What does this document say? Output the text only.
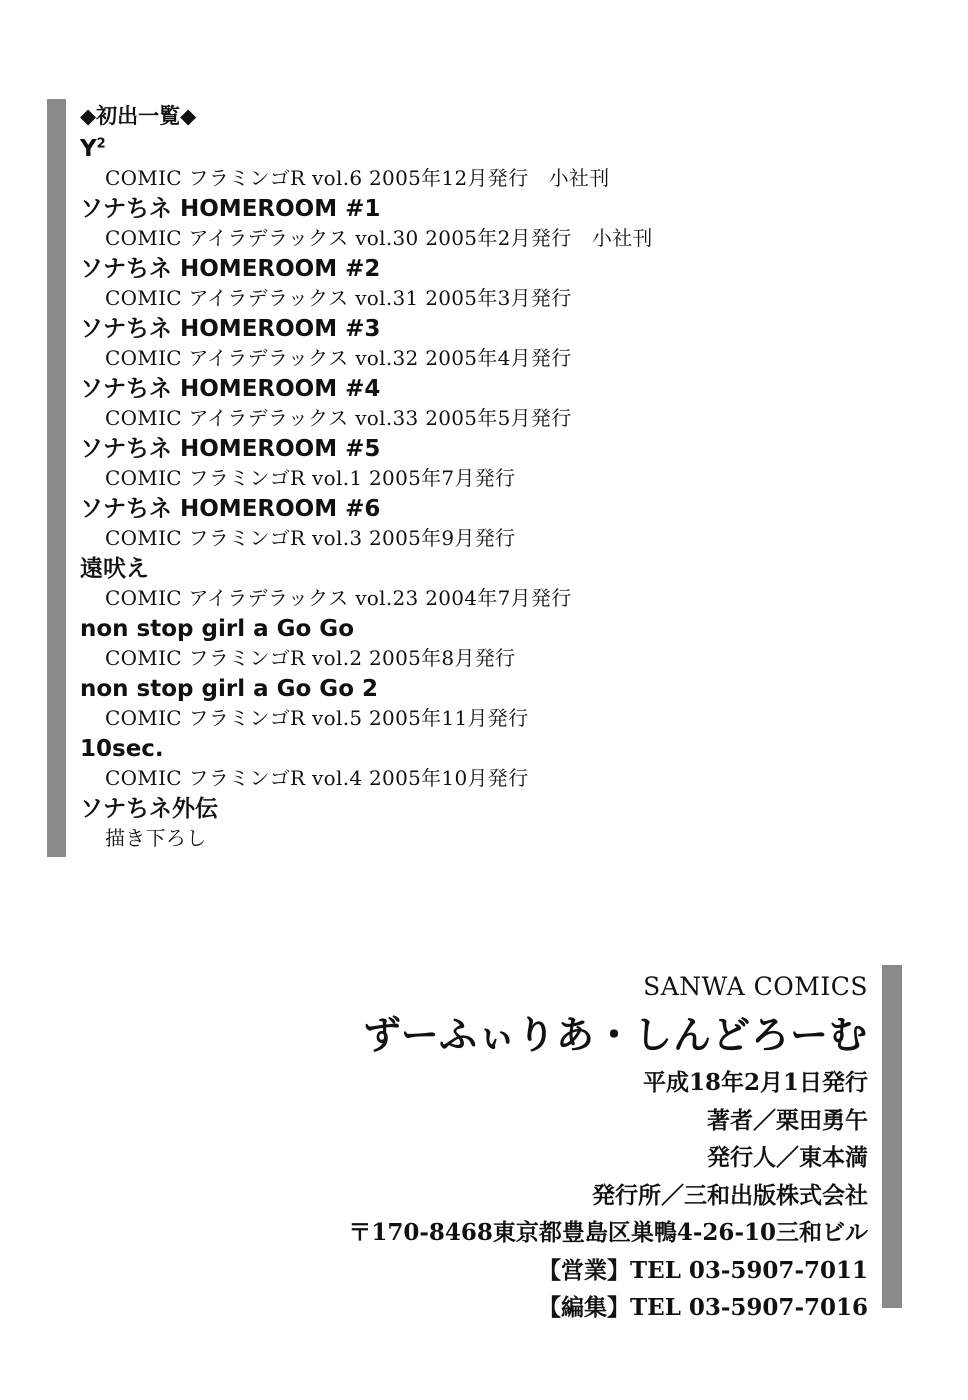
◆初出一覧◆
$Y^2$
COMIC フラミンゴR vol.6 2005年12月発行　小社刊
ソナちネ HOMEROOM #1
COMIC アイラデラックス vol.30 2005年2月発行　小社刊
ソナちネ HOMEROOM #2
COMIC アイラデラックス vol.31 2005年3月発行
ソナちネ HOMEROOM #3
COMIC アイラデラックス vol.32 2005年4月発行
ソナちネ HOMEROOM #4
COMIC アイラデラックス vol.33 2005年5月発行
ソナちネ HOMEROOM #5
COMIC フラミンゴR vol.1 2005年7月発行
ソナちネ HOMEROOM #6
COMIC フラミンゴR vol.3 2005年9月発行
遠吠え
COMIC アイラデラックス vol.23 2004年7月発行
non stop girl a Go Go
COMIC フラミンゴR vol.2 2005年8月発行
non stop girl a Go Go 2
COMIC フラミンゴR vol.5 2005年11月発行
10sec.
COMIC フラミンゴR vol.4 2005年10月発行
ソナちネ外伝
描き下ろし
SANWA COMICS
ずーふぃりあ・しんどろーむ
平成18年2月1日発行
著者／栗田勇午
発行人／東本満
発行所／三和出版株式会社
〒170-8468東京都豊島区巣鴨4-26-10三和ビル
【営業】TEL 03-5907-7011
【編集】TEL 03-5907-7016
